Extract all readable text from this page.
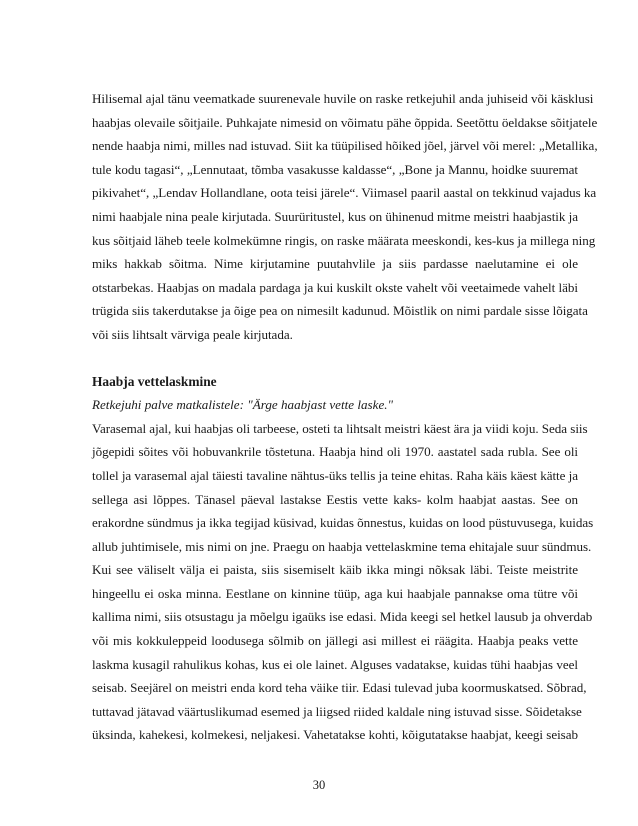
Hilisemal ajal tänu veematkade suurenevale huvile on raske retkejuhil anda juhiseid või käsklusi
haabjas olevaile sõitjaile. Puhkajate nimesid on võimatu pähe õppida. Seetõttu öeldakse sõitjatele
nende haabja nimi, milles nad istuvad. Siit ka tüüpilised hõiked jõel, järvel või merel: „Metallika,
tule kodu tagasi“, „Lennutaat, tõmba vasakusse kaldasse“, „Bone ja Mannu, hoidke suuremat
pikivahet“, „Lendav Hollandlane, oota teisi järele“. Viimasel paaril aastal on tekkinud vajadus ka
nimi haabjale nina peale kirjutada. Suurüritustel, kus on ühinenud mitme meistri haabjastik ja
kus sõitjaid läheb teele kolmekümne ringis, on raske määrata meeskondi, kes-kus ja millega ning
miks hakkab sõitma. Nime kirjutamine puutahvlile ja siis pardasse naelutamine ei ole
otstarbekas. Haabjas on madala pardaga ja kui kuskilt okste vahelt või veetaimede vahelt läbi
trügida siis takerdutakse ja õige pea on nimesilt kadunud. Mõistlik on nimi pardale sisse lõigata
või siis lihtsalt värviga peale kirjutada.
Haabja vettelaskmine
Retkejuhi palve matkalistele: "Ärge haabjast vette laske."
Varasemal ajal, kui haabjas oli tarbeese, osteti ta lihtsalt meistri käest ära ja viidi koju. Seda siis
jõgepidi sõites või hobuvankrile tõstetuna. Haabja hind oli 1970. aastatel sada rubla. See oli
tollel ja varasemal ajal täiesti tavaline nähtus-üks tellis ja teine ehitas. Raha käis käest kätte ja
sellega asi lõppes. Tänasel päeval lastakse Eestis vette kaks- kolm haabjat aastas. See on
erakordne sündmus ja ikka tegijad küsivad, kuidas õnnestus, kuidas on lood püstuvusega, kuidas
allub juhtimisele, mis nimi on jne. Praegu on haabja vettelaskmine tema ehitajale suur sündmus.
Kui see väliselt välja ei paista, siis sisemiselt käib ikka mingi nõksak läbi. Teiste meistrite
hingeellu ei oska minna. Eestlane on kinnine tüüp, aga kui haabjale pannakse oma tütre või
kallima nimi, siis otsustagu ja mõelgu igaüks ise edasi. Mida keegi sel hetkel lausub ja ohverdab
või mis kokkuleppeid loodusega sõlmib on jällegi asi millest ei räägita. Haabja peaks vette
laskma kusagil rahulikus kohas, kus ei ole lainet. Alguses vadatakse, kuidas tühi haabjas veel
seisab. Seejärel on meistri enda kord teha väike tiir. Edasi tulevad juba koormuskatsed. Sõbrad,
tuttavad jätavad väärtuslikumad esemed ja liigsed riided kaldale ning istuvad sisse. Sõidetakse
üksinda, kahekesi, kolmekesi, neljakesi. Vahetatakse kohti, kõigutatakse haabjat, keegi seisab
30
